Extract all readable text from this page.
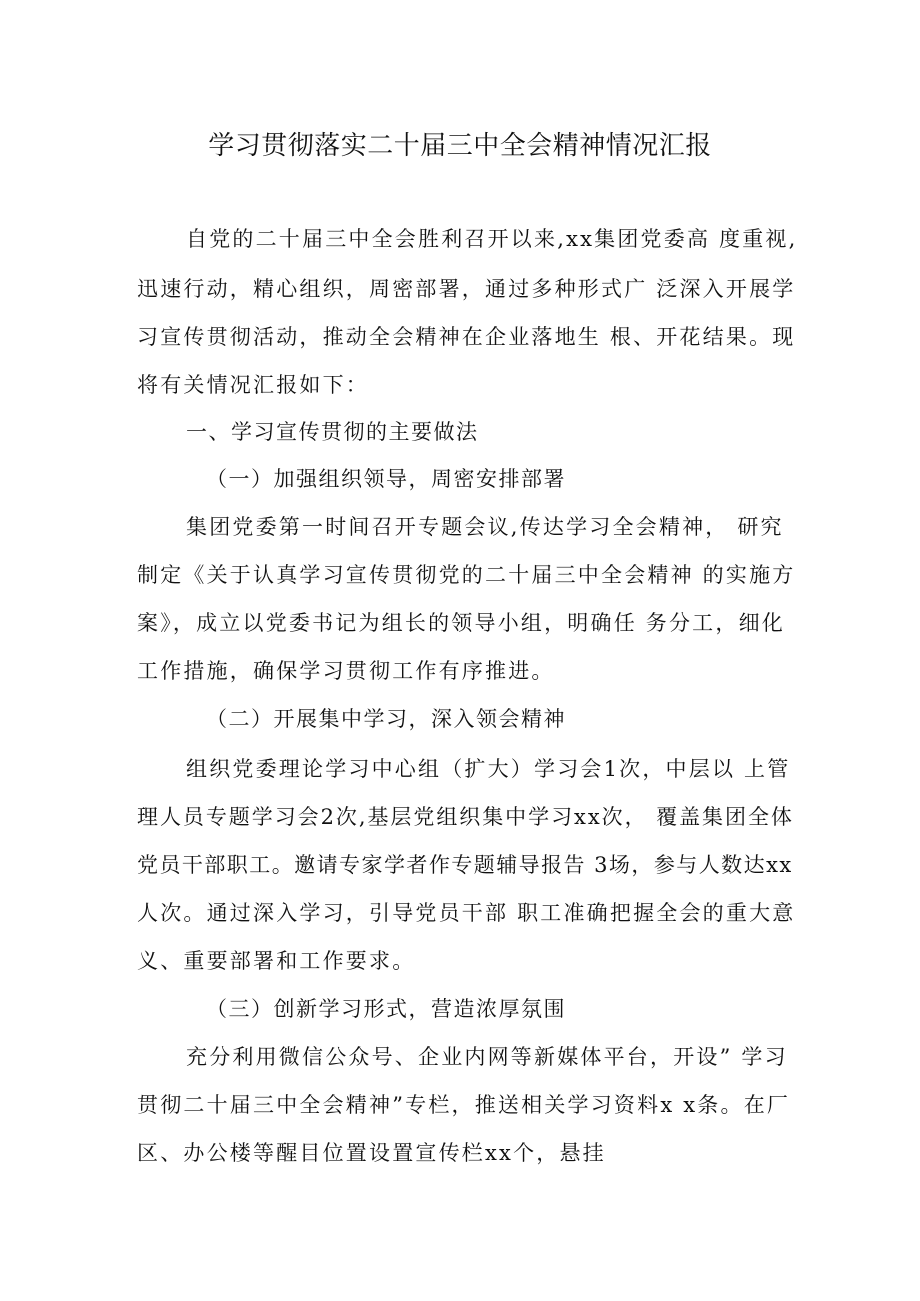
学习贯彻落实二十届三中全会精神情况汇报
自党的二十届三中全会胜利召开以来,xx集团党委高 度重视,
迅速行动，精心组织，周密部署，通过多种形式广 泛深入开展学
习宣传贯彻活动，推动全会精神在企业落地生 根、开花结果。现
将有关情况汇报如下：
一、学习宣传贯彻的主要做法
（一）加强组织领导，周密安排部署
集团党委第一时间召开专题会议,传达学习全会精神， 研究
制定《关于认真学习宣传贯彻党的二十届三中全会精神 的实施方
案》，成立以党委书记为组长的领导小组，明确任 务分工，细化
工作措施，确保学习贯彻工作有序推进。
（二）开展集中学习，深入领会精神
组织党委理论学习中心组（扩大）学习会1次，中层以 上管
理人员专题学习会2次,基层党组织集中学习xx次， 覆盖集团全体
党员干部职工。邀请专家学者作专题辅导报告 3场，参与人数达xx
人次。通过深入学习，引导党员干部 职工准确把握全会的重大意
义、重要部署和工作要求。
（三）创新学习形式，营造浓厚氛围
充分利用微信公众号、企业内网等新媒体平台，开设” 学习
贯彻二十届三中全会精神”专栏，推送相关学习资料x x条。在厂
区、办公楼等醒目位置设置宣传栏xx个，悬挂
